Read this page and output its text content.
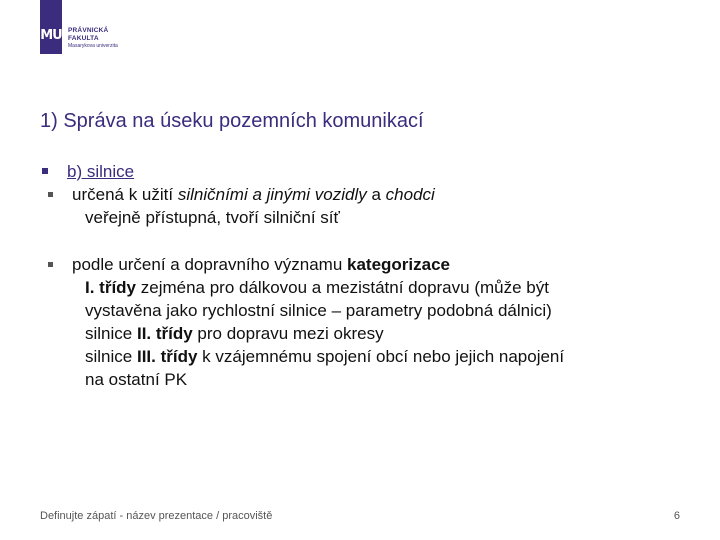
MU PRÁVNICKÁ
FAKULTA
Masarykova univerzita
1) Správa na úseku pozemních komunikací
b) silnice
určená k užití silničními a jinými vozidly a chodci
veřejně přístupná, tvoří silniční síť
podle určení a dopravního významu kategorizace
I. třídy zejména pro dálkovou a mezistátní dopravu (může být
vystavěna jako rychlostní silnice – parametry podobná dálnici)
silnice II. třídy pro dopravu mezi okresy
silnice III. třídy k vzájemnému spojení obcí nebo jejich napojení
na ostatní PK
Definujte zápatí - název prezentace / pracoviště	6
